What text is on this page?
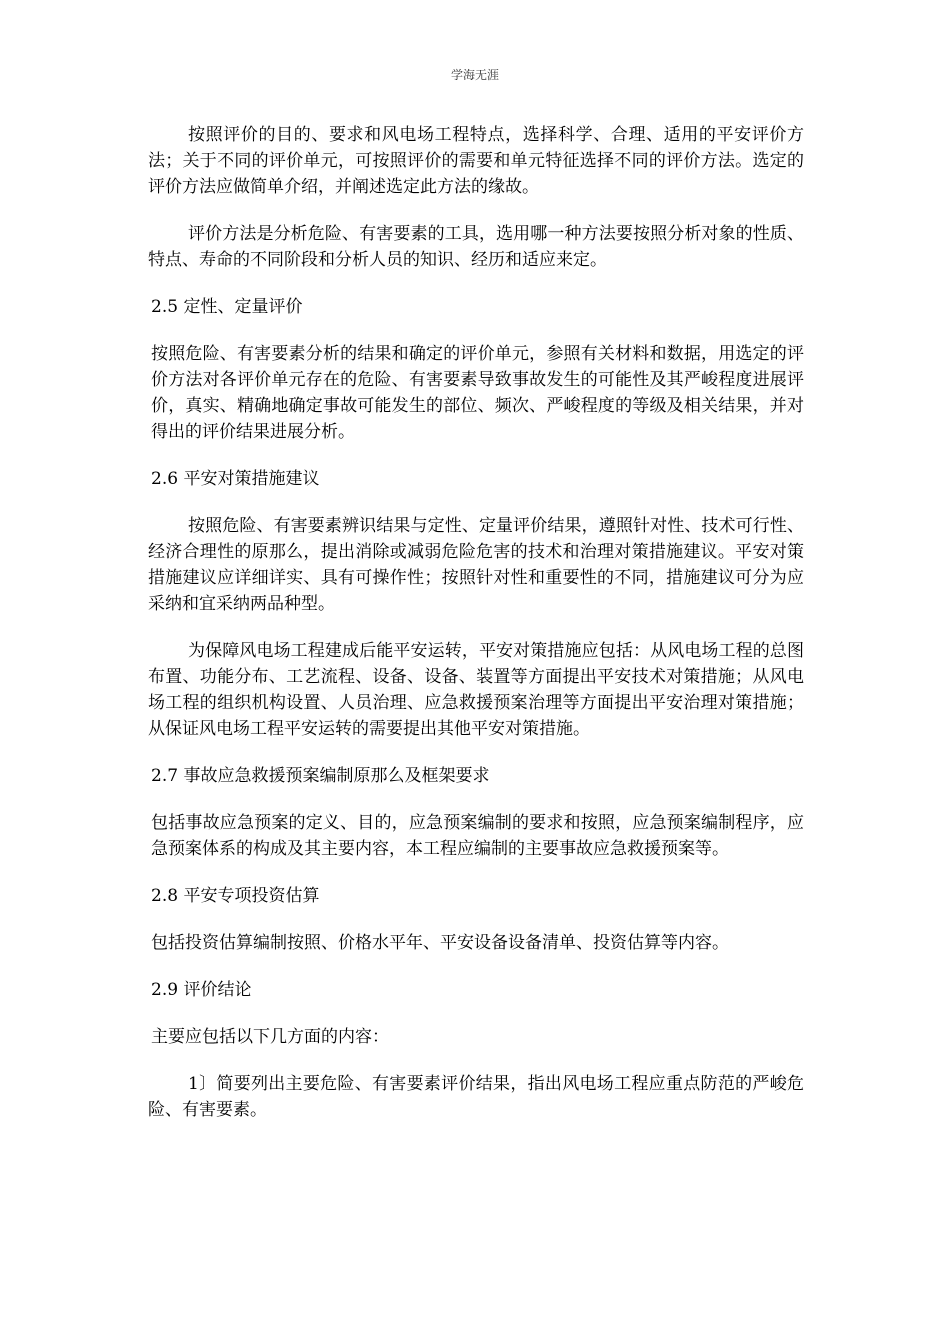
学海无涯

按照评价的目的、要求和风电场工程特点，选择科学、合理、适用的平安评价方法；关于不同的评价单元，可按照评价的需要和单元特征选择不同的评价方法。选定的评价方法应做简单介绍，并阐述选定此方法的缘故。

评价方法是分析危险、有害要素的工具，选用哪一种方法要按照分析对象的性质、特点、寿命的不同阶段和分析人员的知识、经历和适应来定。

2.5 定性、定量评价

按照危险、有害要素分析的结果和确定的评价单元，参照有关材料和数据，用选定的评价方法对各评价单元存在的危险、有害要素导致事故发生的可能性及其严峻程度进展评价，真实、精确地确定事故可能发生的部位、频次、严峻程度的等级及相关结果，并对得出的评价结果进展分析。

2.6 平安对策措施建议

按照危险、有害要素辨识结果与定性、定量评价结果，遵照针对性、技术可行性、经济合理性的原那么，提出消除或减弱危险危害的技术和治理对策措施建议。平安对策措施建议应详细详实、具有可操作性；按照针对性和重要性的不同，措施建议可分为应采纳和宜采纳两品种型。

为保障风电场工程建成后能平安运转，平安对策措施应包括：从风电场工程的总图布置、功能分布、工艺流程、设备、设备、装置等方面提出平安技术对策措施；从风电场工程的组织机构设置、人员治理、应急救援预案治理等方面提出平安治理对策措施；从保证风电场工程平安运转的需要提出其他平安对策措施。

2.7 事故应急救援预案编制原那么及框架要求

包括事故应急预案的定义、目的，应急预案编制的要求和按照，应急预案编制程序，应急预案体系的构成及其主要内容，本工程应编制的主要事故应急救援预案等。

2.8 平安专项投资估算

包括投资估算编制按照、价格水平年、平安设备设备清单、投资估算等内容。

2.9 评价结论

主要应包括以下几方面的内容：

1〕简要列出主要危险、有害要素评价结果，指出风电场工程应重点防范的严峻危险、有害要素。
